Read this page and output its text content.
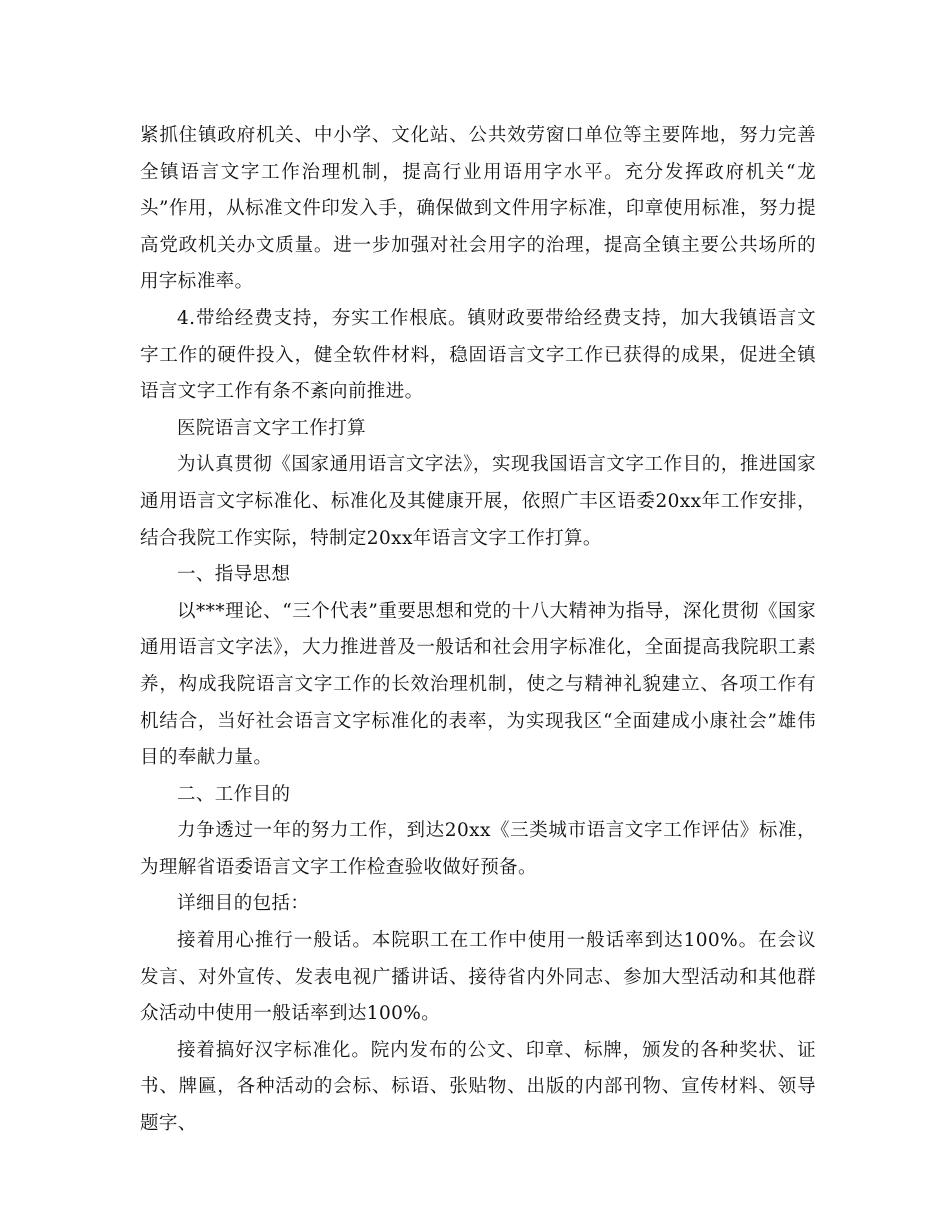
紧抓住镇政府机关、中小学、文化站、公共效劳窗口单位等主要阵地，努力完善全镇语言文字工作治理机制，提高行业用语用字水平。充分发挥政府机关“龙头”作用，从标准文件印发入手，确保做到文件用字标准，印章使用标准，努力提高党政机关办文质量。进一步加强对社会用字的治理，提高全镇主要公共场所的用字标准率。

4.带给经费支持，夯实工作根底。镇财政要带给经费支持，加大我镇语言文字工作的硬件投入，健全软件材料，稳固语言文字工作已获得的成果，促进全镇语言文字工作有条不紊向前推进。

医院语言文字工作打算

为认真贯彻《国家通用语言文字法》，实现我国语言文字工作目的，推进国家通用语言文字标准化、标准化及其健康开展，依照广丰区语委20xx年工作安排，结合我院工作实际，特制定20xx年语言文字工作打算。

一、指导思想

以***理论、“三个代表”重要思想和党的十八大精神为指导，深化贯彻《国家通用语言文字法》，大力推进普及一般话和社会用字标准化，全面提高我院职工素养，构成我院语言文字工作的长效治理机制，使之与精神礼貌建立、各项工作有机结合，当好社会语言文字标准化的表率，为实现我区“全面建成小康社会”雄伟目的奉献力量。

二、工作目的

力争透过一年的努力工作，到达20xx《三类城市语言文字工作评估》标准，为理解省语委语言文字工作检查验收做好预备。

详细目的包括：

接着用心推行一般话。本院职工在工作中使用一般话率到达100%。在会议发言、对外宣传、发表电视广播讲话、接待省内外同志、参加大型活动和其他群众活动中使用一般话率到达100%。

接着搞好汉字标准化。院内发布的公文、印章、标牌，颁发的各种奖状、证书、牌匾，各种活动的会标、标语、张贴物、出版的内部刊物、宣传材料、领导题字、
